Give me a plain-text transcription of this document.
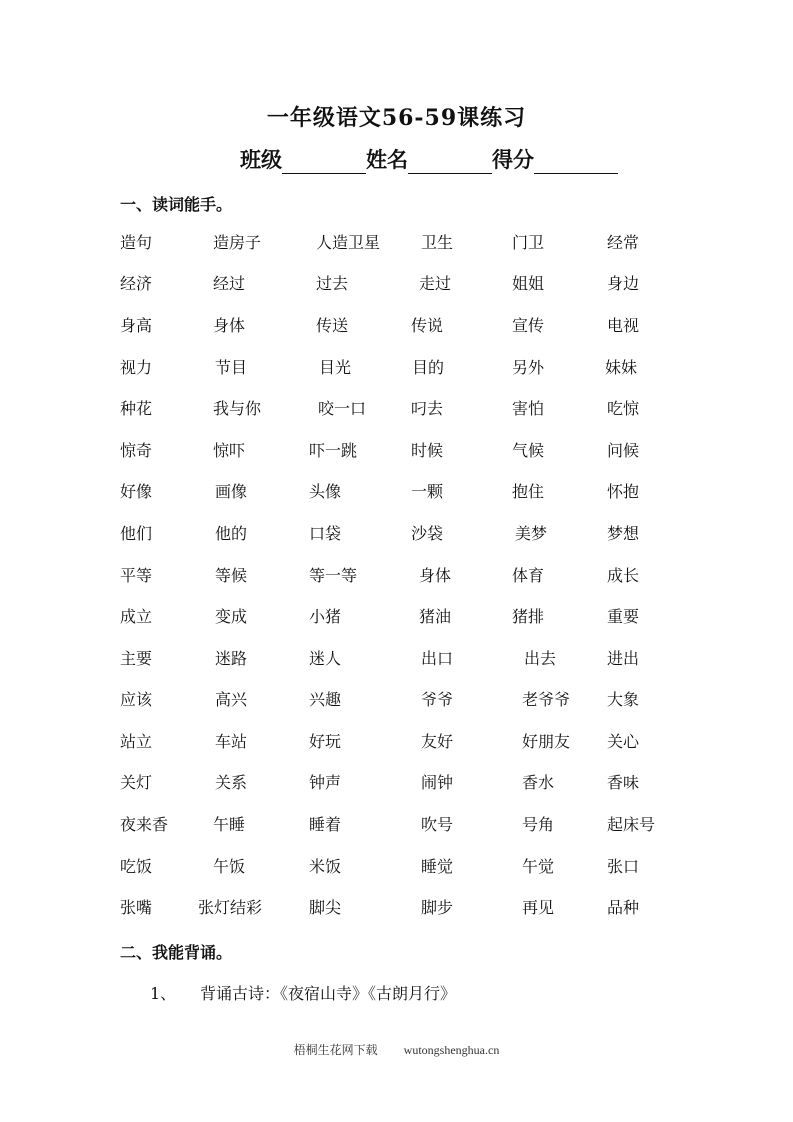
一年级语文56-59课练习
班级	姓名	得分
一、读词能手。
造句	造房子	人造卫星	卫生	门卫	经常
经济	经过	过去	走过	姐姐	身边
身高	身体	传送	传说	宣传	电视
视力	节目	目光	目的	另外	妹妹
种花	我与你	咬一口	叼去	害怕	吃惊
惊奇	惊吓	吓一跳	时候	气候	问候
好像	画像	头像	一颗	抱住	怀抱
他们	他的	口袋	沙袋	美梦	梦想
平等	等候	等一等	身体	体育	成长
成立	变成	小猪	猪油	猪排	重要
主要	迷路	迷人	出口	出去	进出
应该	高兴	兴趣	爷爷	老爷爷 大象
站立	车站	好玩	友好	好朋友 关心
关灯	关系	钟声	闹钟	香水	香味
夜来香	午睡	睡着	吹号	号角	起床号
吃饭	午饭	米饭	睡觉	午觉	张口
张嘴	张灯结彩	脚尖	脚步	再见	品种
二、我能背诵。
1、 背诵古诗：《夜宿山寺》《古朗月行》
梧桐生花网下载 wutongshenghua.cn
